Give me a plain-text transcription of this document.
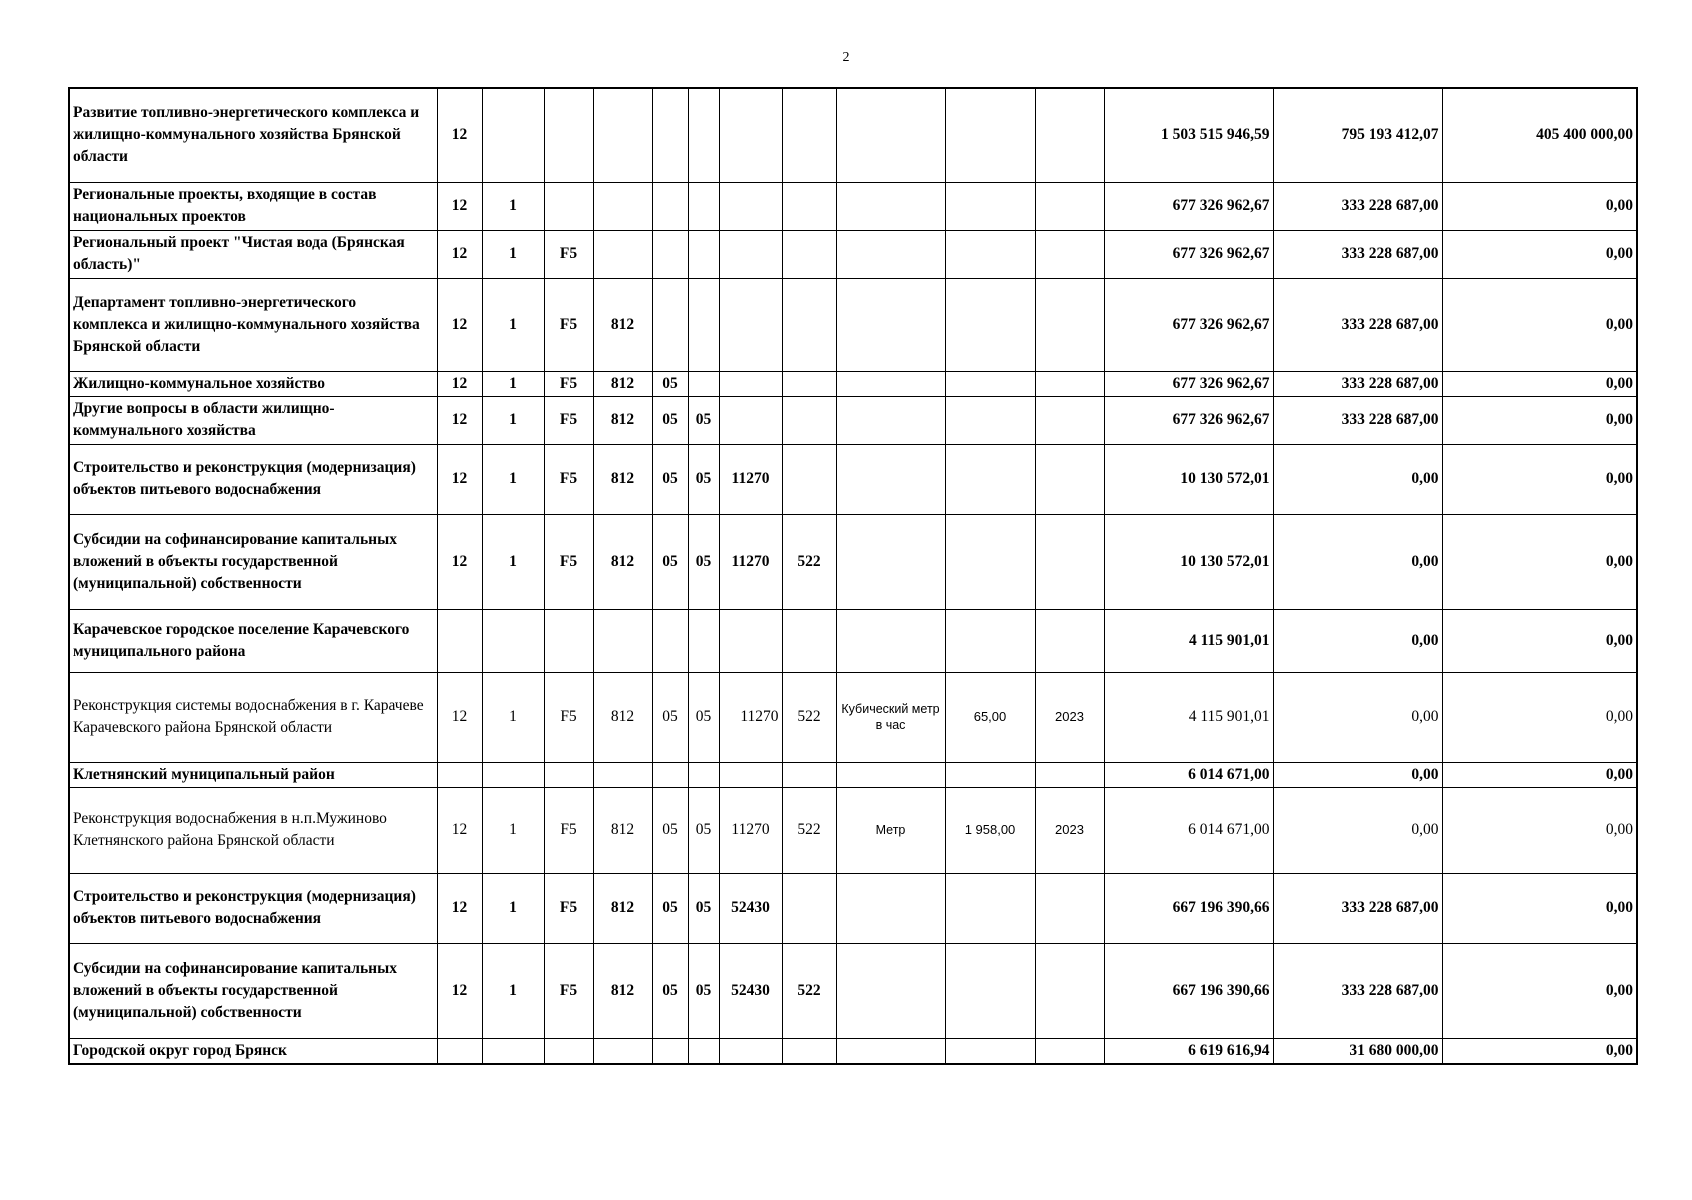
2
Развитие топливно-энергетического комплекса и жилищно-коммунального хозяйства Брянской области	12											1 503 515 946,59	795 193 412,07	405 400 000,00
Региональные проекты, входящие в состав национальных проектов	12	1										677 326 962,67	333 228 687,00	0,00
Региональный проект "Чистая вода (Брянская область)"	12	1	F5									677 326 962,67	333 228 687,00	0,00
Департамент топливно-энергетического комплекса и жилищно-коммунального хозяйства Брянской области	12	1	F5	812								677 326 962,67	333 228 687,00	0,00
Жилищно-коммунальное хозяйство	12	1	F5	812	05							677 326 962,67	333 228 687,00	0,00
Другие вопросы в области жилищно-коммунального хозяйства	12	1	F5	812	05	05						677 326 962,67	333 228 687,00	0,00
Строительство и реконструкция (модернизация) объектов питьевого водоснабжения	12	1	F5	812	05	05	11270					10 130 572,01	0,00	0,00
Субсидии на софинансирование капитальных вложений в объекты государственной (муниципальной) собственности	12	1	F5	812	05	05	11270	522				10 130 572,01	0,00	0,00
Карачевское городское поселение Карачевского муниципального района												4 115 901,01	0,00	0,00
Реконструкция системы водоснабжения в г. Карачеве Карачевского района Брянской области	12	1	F5	812	05	05	11270	522	Кубический метр в час	65,00	2023	4 115 901,01	0,00	0,00
Клетнянский муниципальный район												6 014 671,00	0,00	0,00
Реконструкция водоснабжения в н.п.Мужиново Клетнянского района Брянской области	12	1	F5	812	05	05	11270	522	Метр	1 958,00	2023	6 014 671,00	0,00	0,00
Строительство и реконструкция (модернизация) объектов питьевого водоснабжения	12	1	F5	812	05	05	52430					667 196 390,66	333 228 687,00	0,00
Субсидии на софинансирование капитальных вложений в объекты государственной (муниципальной) собственности	12	1	F5	812	05	05	52430	522				667 196 390,66	333 228 687,00	0,00
Городской округ город Брянск												6 619 616,94	31 680 000,00	0,00
